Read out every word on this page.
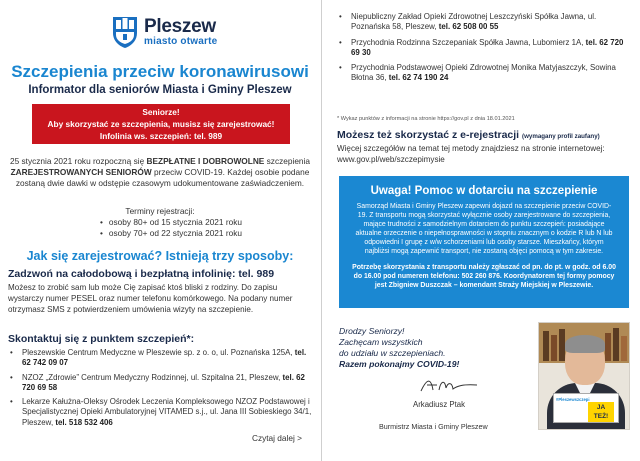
Pleszew
miasto otwarte
Szczepienia przeciw koronawirusowi
Informator dla seniorów Miasta i Gminy Pleszew
Seniorze!
Aby skorzystać ze szczepienia, musisz się zarejestrować!
Infolinia ws. szczepień: tel. 989

25 stycznia 2021 roku rozpoczną się BEZPŁATNE I DOBROWOLNE szczepienia ZAREJESTROWANYCH SENIORÓW przeciw COVID-19. Każdej osobie podane zostaną dwie dawki w odstępie czasowym udokumentowane zaświadczeniem.

Terminy rejestracji:
• osoby 80+ od 15 stycznia 2021 roku
• osoby 70+ od 22 stycznia 2021 roku
Jak się zarejestrować? Istnieją trzy sposoby:
Zadzwoń na całodobową i bezpłatną infolinię: tel. 989

Możesz to zrobić sam lub może Cię zapisać ktoś bliski z rodziny. Do zapisu wystarczy numer PESEL oraz numer telefonu komórkowego. Na podany numer otrzymasz SMS z potwierdzeniem umówienia wizyty na szczepienie.

Skontaktuj się z punktem szczepień*:
• Pleszewskie Centrum Medyczne w Pleszewie sp. z o. o, ul. Poznańska 125A, tel. 62 742 09 07
• NZOZ „Zdrowie” Centrum Medyczny Rodzinnej, ul. Szpitalna 21, Pleszew, tel. 62 720 69 58
• Lekarze Kałużna-Oleksy Ośrodek Leczenia Kompleksowego NZOZ Podstawowej i Specjalistycznej Opieki Ambulatoryjnej VITAMED s.j., ul. Jana III Sobieskiego 34/1, Pleszew, tel. 518 532 406
Czytaj dalej >
• Niepubliczny Zakład Opieki Zdrowotnej Leszczyński Spółka Jawna, ul. Poznańska 58, Pleszew, tel. 62 508 00 55
• Przychodnia Rodzinna Szczepaniak Spółka Jawna, Lubomierz 1A, tel. 62 720 69 30
• Przychodnia Podstawowej Opieki Zdrowotnej Monika Matyjaszczyk, Sowina Błotna 36, tel. 62 74 190 24
* Wykaz punktów z informacji na stronie https://gov.pl z dnia 18.01.2021
Możesz też skorzystać z e-rejestracji (wymagany profil zaufany)

Więcej szczegółów na temat tej metody znajdziesz na stronie internetowej: www.gov.pl/web/szczepimysie

Uwaga! Pomoc w dotarciu na szczepienie

Samorząd Miasta i Gminy Pleszew zapewni dojazd na szczepienie przeciw COVID-19. Z transportu mogą skorzystać wyłącznie osoby zarejestrowane do szczepienia, mające trudności z samodzielnym dotarciem do punktu szczepień: posiadające aktualne orzeczenie o niepełnosprawności w stopniu znacznym o kodzie R lub N lub odpowiedni I grupę z w/w schorzeniami lub osoby starsze. Mieszkańcy, którym najbliżsi mogą zapewnić transport, nie zostaną objęci pomocą w tym zakresie.

Potrzebę skorzystania z transportu należy zgłaszać od pn. do pt. w godz. od 6.00 do 16.00 pod numerem telefonu: 502 260 876. Koordynatorem tej formy pomocy jest Zbigniew Duszczak – komendant Straży Miejskiej w Pleszewie.

Drodzy Seniorzy!
Zachęcam wszystkich
do udziału w szczepieniach.
Razem pokonajmy COVID-19!
Arkadiusz Ptak
Burmistrz Miasta i Gminy Pleszew
#Pleszewszczepi
JA
TEŻ!
